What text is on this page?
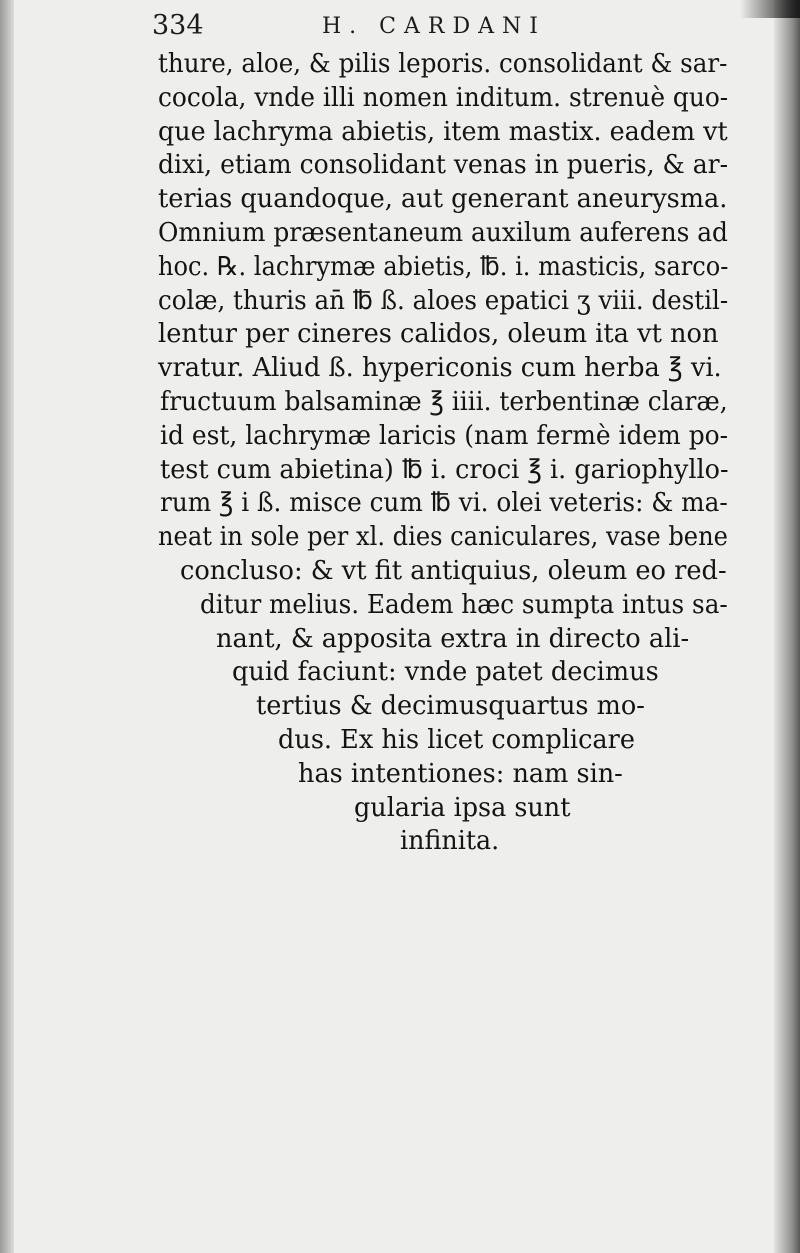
334	H. CARDANI
thure, aloe, & pilis leporis. consolidant & sar-
cocola, vnde illi nomen inditum. strenuè quo-
que lachryma abietis, item mastix. eadem vt
dixi, etiam consolidant venas in pueris, & ar-
terias quandoque, aut generant aneurysma.
Omnium præsentaneum auxilum auferens ad
hoc. ℞. lachrymæ abietis, ℔. i. masticis, sarco-
colæ, thuris an̄ ℔ ß. aloes epatici ʒ viii. destil-
lentur per cineres calidos, oleum ita vt non
vratur. Aliud ß. hypericonis cum herba ℥ vi.
fructuum balsaminæ ℥ iiii. terbentinæ claræ,
id est, lachrymæ laricis (nam fermè idem po-
test cum abietina) ℔ i. croci ℥ i. gariophyllo-
rum ℥ i ß. misce cum ℔ vi. olei veteris: & ma-
neat in sole per xl. dies caniculares, vase bene
concluso: & vt fit antiquius, oleum eo red-
ditur melius. Eadem hæc sumpta intus sa-
nant, & apposita extra in directo ali-
quid faciunt: vnde patet decimus
tertius & decimusquartus mo-
dus. Ex his licet complicare
has intentiones: nam sin-
gularia ipsa sunt
infinita.
